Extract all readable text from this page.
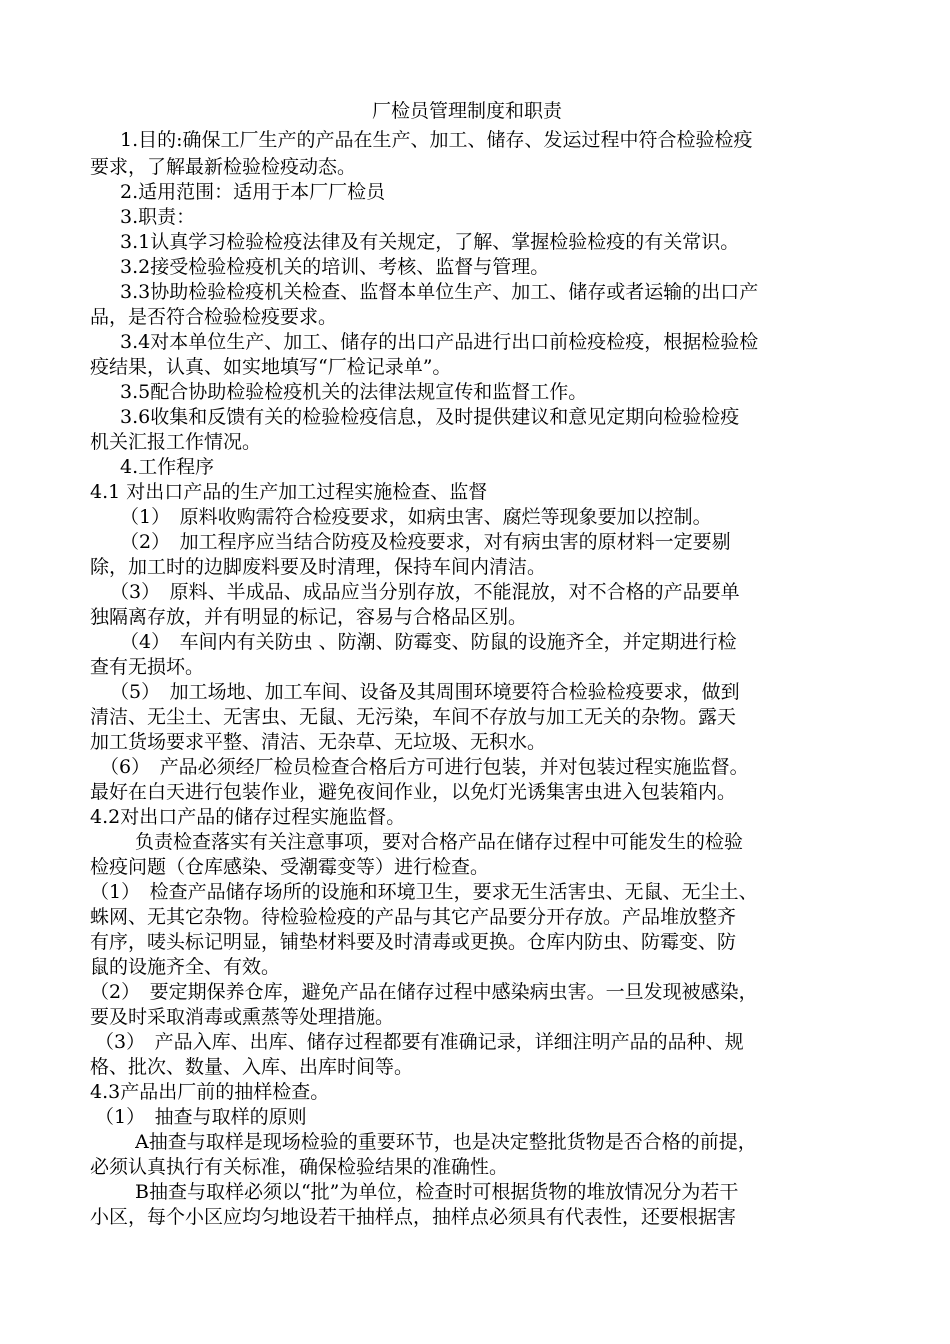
厂检员管理制度和职责
1.目的:确保工厂生产的产品在生产、加工、储存、发运过程中符合检验检疫
要求，了解最新检验检疫动态。
2.适用范围：适用于本厂厂检员
3.职责：
3.1认真学习检验检疫法律及有关规定，了解、掌握检验检疫的有关常识。
3.2接受检验检疫机关的培训、考核、监督与管理。
3.3协助检验检疫机关检查、监督本单位生产、加工、储存或者运输的出口产
品，是否符合检验检疫要求。
3.4对本单位生产、加工、储存的出口产品进行出口前检疫检疫，根据检验检
疫结果，认真、如实地填写“厂检记录单”。
3.5配合协助检验检疫机关的法律法规宣传和监督工作。
3.6收集和反馈有关的检验检疫信息，及时提供建议和意见定期向检验检疫
机关汇报工作情况。
4.工作程序
4.1 对出口产品的生产加工过程实施检查、监督
（1）　原料收购需符合检疫要求，如病虫害、腐烂等现象要加以控制。
（2）　加工程序应当结合防疫及检疫要求，对有病虫害的原材料一定要剔
除，加工时的边脚废料要及时清理，保持车间内清洁。
（3）　原料、半成品、成品应当分别存放，不能混放，对不合格的产品要单
独隔离存放，并有明显的标记，容易与合格品区别。
（4）　车间内有关防虫 、防潮、防霉变、防鼠的设施齐全，并定期进行检
查有无损坏。
（5）　加工场地、加工车间、设备及其周围环境要符合检验检疫要求，做到
清洁、无尘土、无害虫、无鼠、无污染，车间不存放与加工无关的杂物。露天
加工货场要求平整、清洁、无杂草、无垃圾、无积水。
（6）　产品必须经厂检员检查合格后方可进行包装，并对包装过程实施监督。
最好在白天进行包装作业，避免夜间作业，以免灯光诱集害虫进入包装箱内。
4.2对出口产品的储存过程实施监督。
负责检查落实有关注意事项，要对合格产品在储存过程中可能发生的检验
检疫问题（仓库感染、受潮霉变等）进行检查。
（1）　检查产品储存场所的设施和环境卫生，要求无生活害虫、无鼠、无尘土、
蛛网、无其它杂物。待检验检疫的产品与其它产品要分开存放。产品堆放整齐
有序，唛头标记明显，铺垫材料要及时清毒或更换。仓库内防虫、防霉变、防
鼠的设施齐全、有效。
（2）　要定期保养仓库，避免产品在储存过程中感染病虫害。一旦发现被感染，
要及时采取消毒或熏蒸等处理措施。
（3）　产品入库、出库、储存过程都要有准确记录，详细注明产品的品种、规
格、批次、数量、入库、出库时间等。
4.3产品出厂前的抽样检查。
（1）　抽查与取样的原则
A抽查与取样是现场检验的重要环节，也是决定整批货物是否合格的前提，
必须认真执行有关标准，确保检验结果的准确性。
B抽查与取样必须以“批”为单位，检查时可根据货物的堆放情况分为若干
小区，每个小区应均匀地设若干抽样点，抽样点必须具有代表性，还要根据害
